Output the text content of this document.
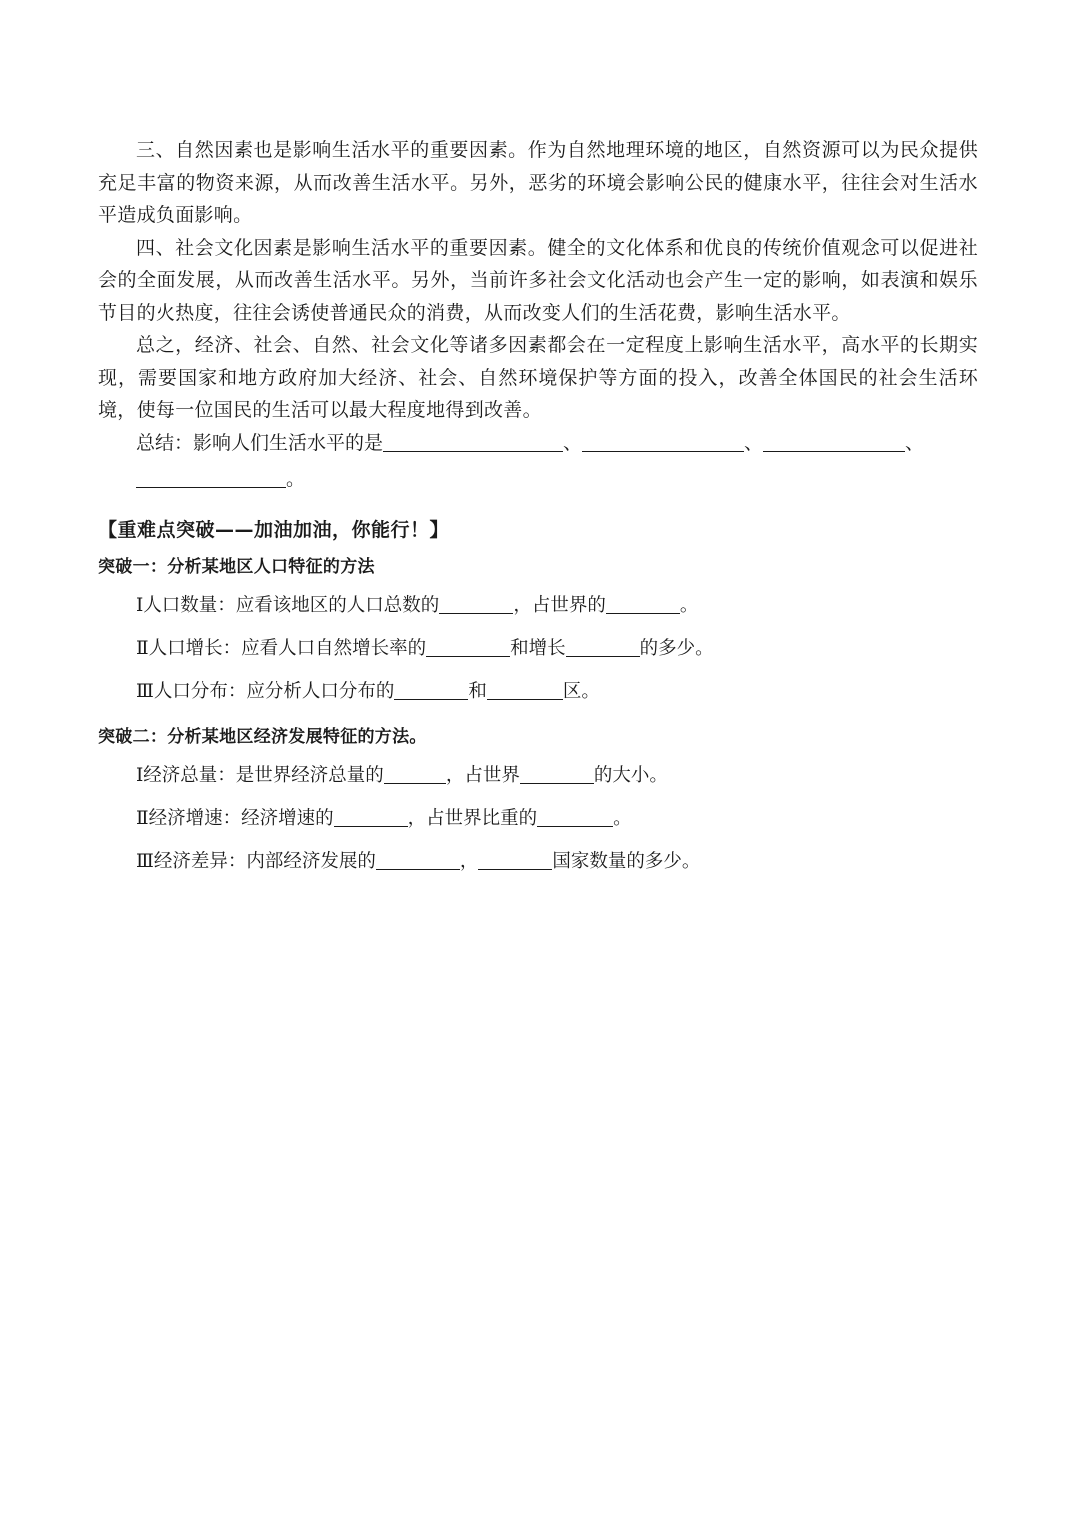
三、自然因素也是影响生活水平的重要因素。作为自然地理环境的地区，自然资源可以为民众提供充足丰富的物资来源，从而改善生活水平。另外，恶劣的环境会影响公民的健康水平，往往会对生活水平造成负面影响。

四、社会文化因素是影响生活水平的重要因素。健全的文化体系和优良的传统价值观念可以促进社会的全面发展，从而改善生活水平。另外，当前许多社会文化活动也会产生一定的影响，如表演和娱乐节目的火热度，往往会诱使普通民众的消费，从而改变人们的生活花费，影响生活水平。

总之，经济、社会、自然、社会文化等诸多因素都会在一定程度上影响生活水平，高水平的长期实现，需要国家和地方政府加大经济、社会、自然环境保护等方面的投入，改善全体国民的社会生活环境，使每一位国民的生活可以最大程度地得到改善。

总结：影响人们生活水平的是	、	、	、
。
【重难点突破——加油加油，你能行！】
突破一：分析某地区人口特征的方法
Ⅰ人口数量：应看该地区的人口总数的	，占世界的	。
Ⅱ人口增长：应看人口自然增长率的	和增长	的多少。
Ⅲ人口分布：应分析人口分布的	和	区。
突破二：分析某地区经济发展特征的方法。
Ⅰ经济总量：是世界经济总量的	，占世界	的大小。
Ⅱ经济增速：经济增速的	，占世界比重的	。
Ⅲ经济差异：内部经济发展的	，	国家数量的多少。
